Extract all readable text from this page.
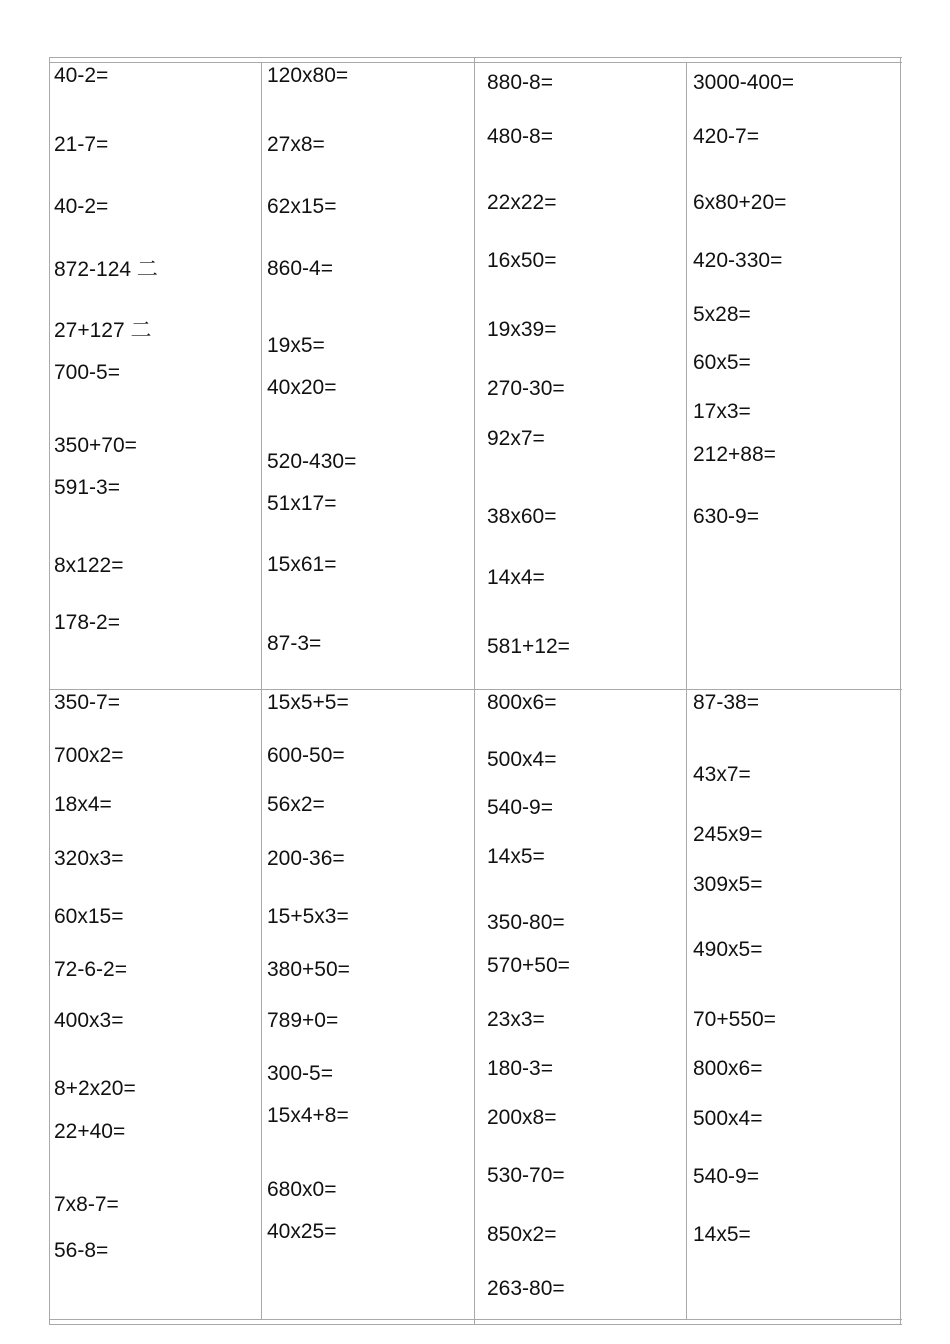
40-2=
21-7=
40-2=
872-124 二
27+127 二
700-5=
350+70=
591-3=
8x122=
178-2=
120x80=
27x8=
62x15=
860-4=
19x5=
40x20=
520-430=
51x17=
15x61=
87-3=
880-8=
480-8=
22x22=
16x50=
19x39=
270-30=
92x7=
38x60=
14x4=
581+12=
3000-400=
420-7=
6x80+20=
420-330=
5x28=
60x5=
17x3=
212+88=
630-9=
350-7=
700x2=
18x4=
320x3=
60x15=
72-6-2=
400x3=
8+2x20=
22+40=
7x8-7=
56-8=
15x5+5=
600-50=
56x2=
200-36=
15+5x3=
380+50=
789+0=
300-5=
15x4+8=
680x0=
40x25=
800x6=
500x4=
540-9=
14x5=
350-80=
570+50=
23x3=
180-3=
200x8=
530-70=
850x2=
263-80=
87-38=
43x7=
245x9=
309x5=
490x5=
70+550=
800x6=
500x4=
540-9=
14x5=
